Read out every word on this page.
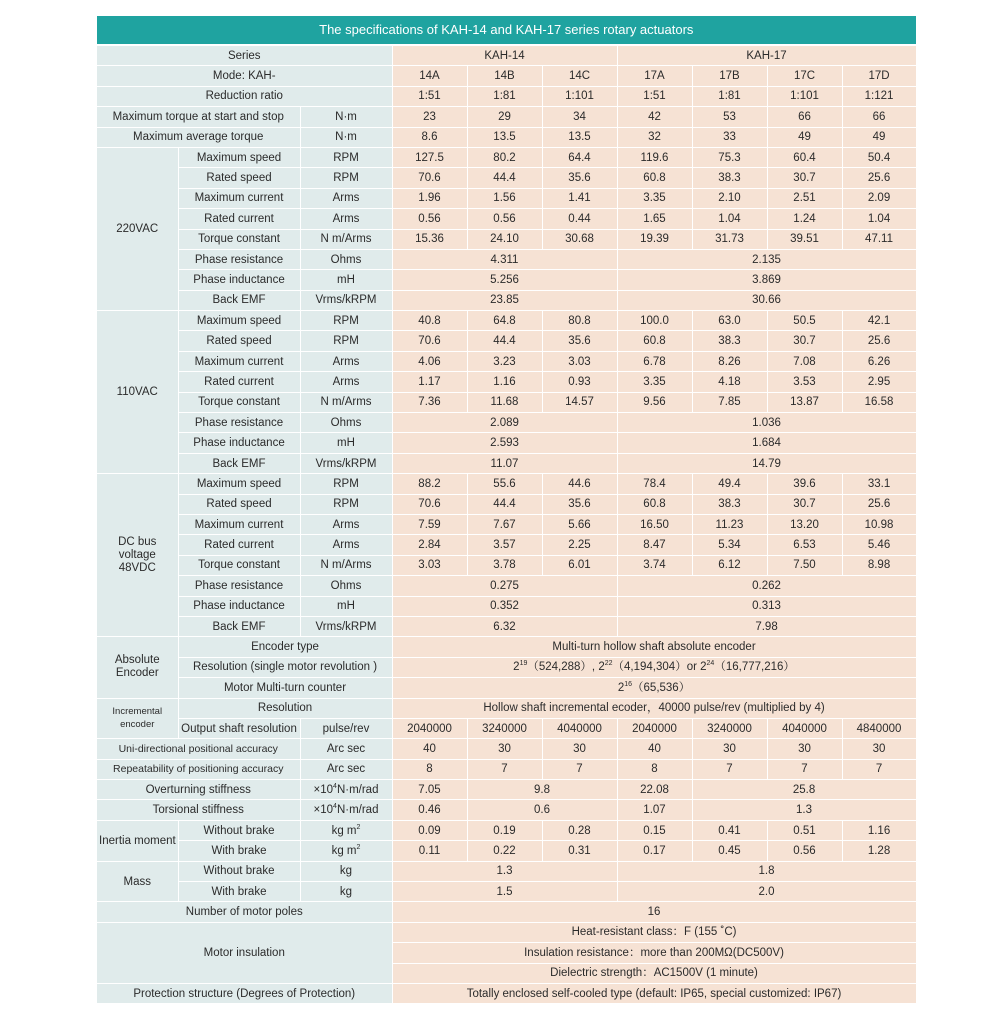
The specifications of KAH-14 and KAH-17 series rotary actuators									
Series			KAH-14			KAH-17			
Mode: KAH-			14A	14B	14C	17A	17B	17C	17D
Reduction ratio			1:51	1:81	1:101	1:51	1:81	1:101	1:121
Maximum torque at start and stop		N·m	23	29	34	42	53	66	66
Maximum average torque		N·m	8.6	13.5	13.5	32	33	49	49
220VAC	Maximum speed	RPM	127.5	80.2	64.4	119.6	75.3	60.4	50.4
	Rated speed	RPM	70.6	44.4	35.6	60.8	38.3	30.7	25.6
	Maximum current	Arms	1.96	1.56	1.41	3.35	2.10	2.51	2.09
	Rated current	Arms	0.56	0.56	0.44	1.65	1.04	1.24	1.04
	Torque constant	N m/Arms	15.36	24.10	30.68	19.39	31.73	39.51	47.11
	Phase resistance	Ohms	4.311			2.135			
	Phase inductance	mH	5.256			3.869			
	Back EMF	Vrms/kRPM	23.85			30.66			
110VAC	Maximum speed	RPM	40.8	64.8	80.8	100.0	63.0	50.5	42.1
	Rated speed	RPM	70.6	44.4	35.6	60.8	38.3	30.7	25.6
	Maximum current	Arms	4.06	3.23	3.03	6.78	8.26	7.08	6.26
	Rated current	Arms	1.17	1.16	0.93	3.35	4.18	3.53	2.95
	Torque constant	N m/Arms	7.36	11.68	14.57	9.56	7.85	13.87	16.58
	Phase resistance	Ohms	2.089			1.036			
	Phase inductance	mH	2.593			1.684			
	Back EMF	Vrms/kRPM	11.07			14.79			
DC bus voltage 48VDC	Maximum speed	RPM	88.2	55.6	44.6	78.4	49.4	39.6	33.1
	Rated speed	RPM	70.6	44.4	35.6	60.8	38.3	30.7	25.6
	Maximum current	Arms	7.59	7.67	5.66	16.50	11.23	13.20	10.98
	Rated current	Arms	2.84	3.57	2.25	8.47	5.34	6.53	5.46
	Torque constant	N m/Arms	3.03	3.78	6.01	3.74	6.12	7.50	8.98
	Phase resistance	Ohms	0.275			0.262			
	Phase inductance	mH	0.352			0.313			
	Back EMF	Vrms/kRPM	6.32			7.98			
Absolute Encoder	Encoder type		Multi-turn hollow shaft absolute encoder						
	Resolution (single motor revolution )		$2^{19}(524,288)$, $2^{22}(4,194,304)or$ $2^{24}(16,777,216)$						
	Motor Multi-turn counter		$2^{16}(65,536)$						
Incremental encoder	Resolution		Hollow shaft incremental ecoder，40000 pulse/rev (multiplied by 4)						
	Output shaft resolution	pulse/rev	2040000	3240000	4040000	2040000	3240000	4040000	4840000
Uni-directional positional accuracy		Arc sec	40	30	30	40	30	30	30
Repeatability of positioning accuracy		Arc sec	8	7	7	8	7	7	7
Overturning stiffness		$\times 10^4N\cdot m$/rad	7.05	9.8		22.08	25.8		
Torsional stiffness		$\times 10^4N\cdot m$/rad	0.46	0.6		1.07	1.3		
Inertia moment	Without brake	kg $m^2$	0.09	0.19	0.28	0.15	0.41	0.51	1.16
	With brake	kg $m^2$	0.11	0.22	0.31	0.17	0.45	0.56	1.28
Mass	Without brake	kg	1.3			1.8			
	With brake	kg	1.5			2.0			
Number of motor poles			16						
Motor insulation			Heat-resistant class：F (155 ˚C)						
			Insulation resistance：more than 200MΩ(DC500V)						
			Dielectric strength：AC1500V (1 minute)						
Protection structure (Degrees of Protection)			Totally enclosed self-cooled type (default: IP65, special customized: IP67)						
